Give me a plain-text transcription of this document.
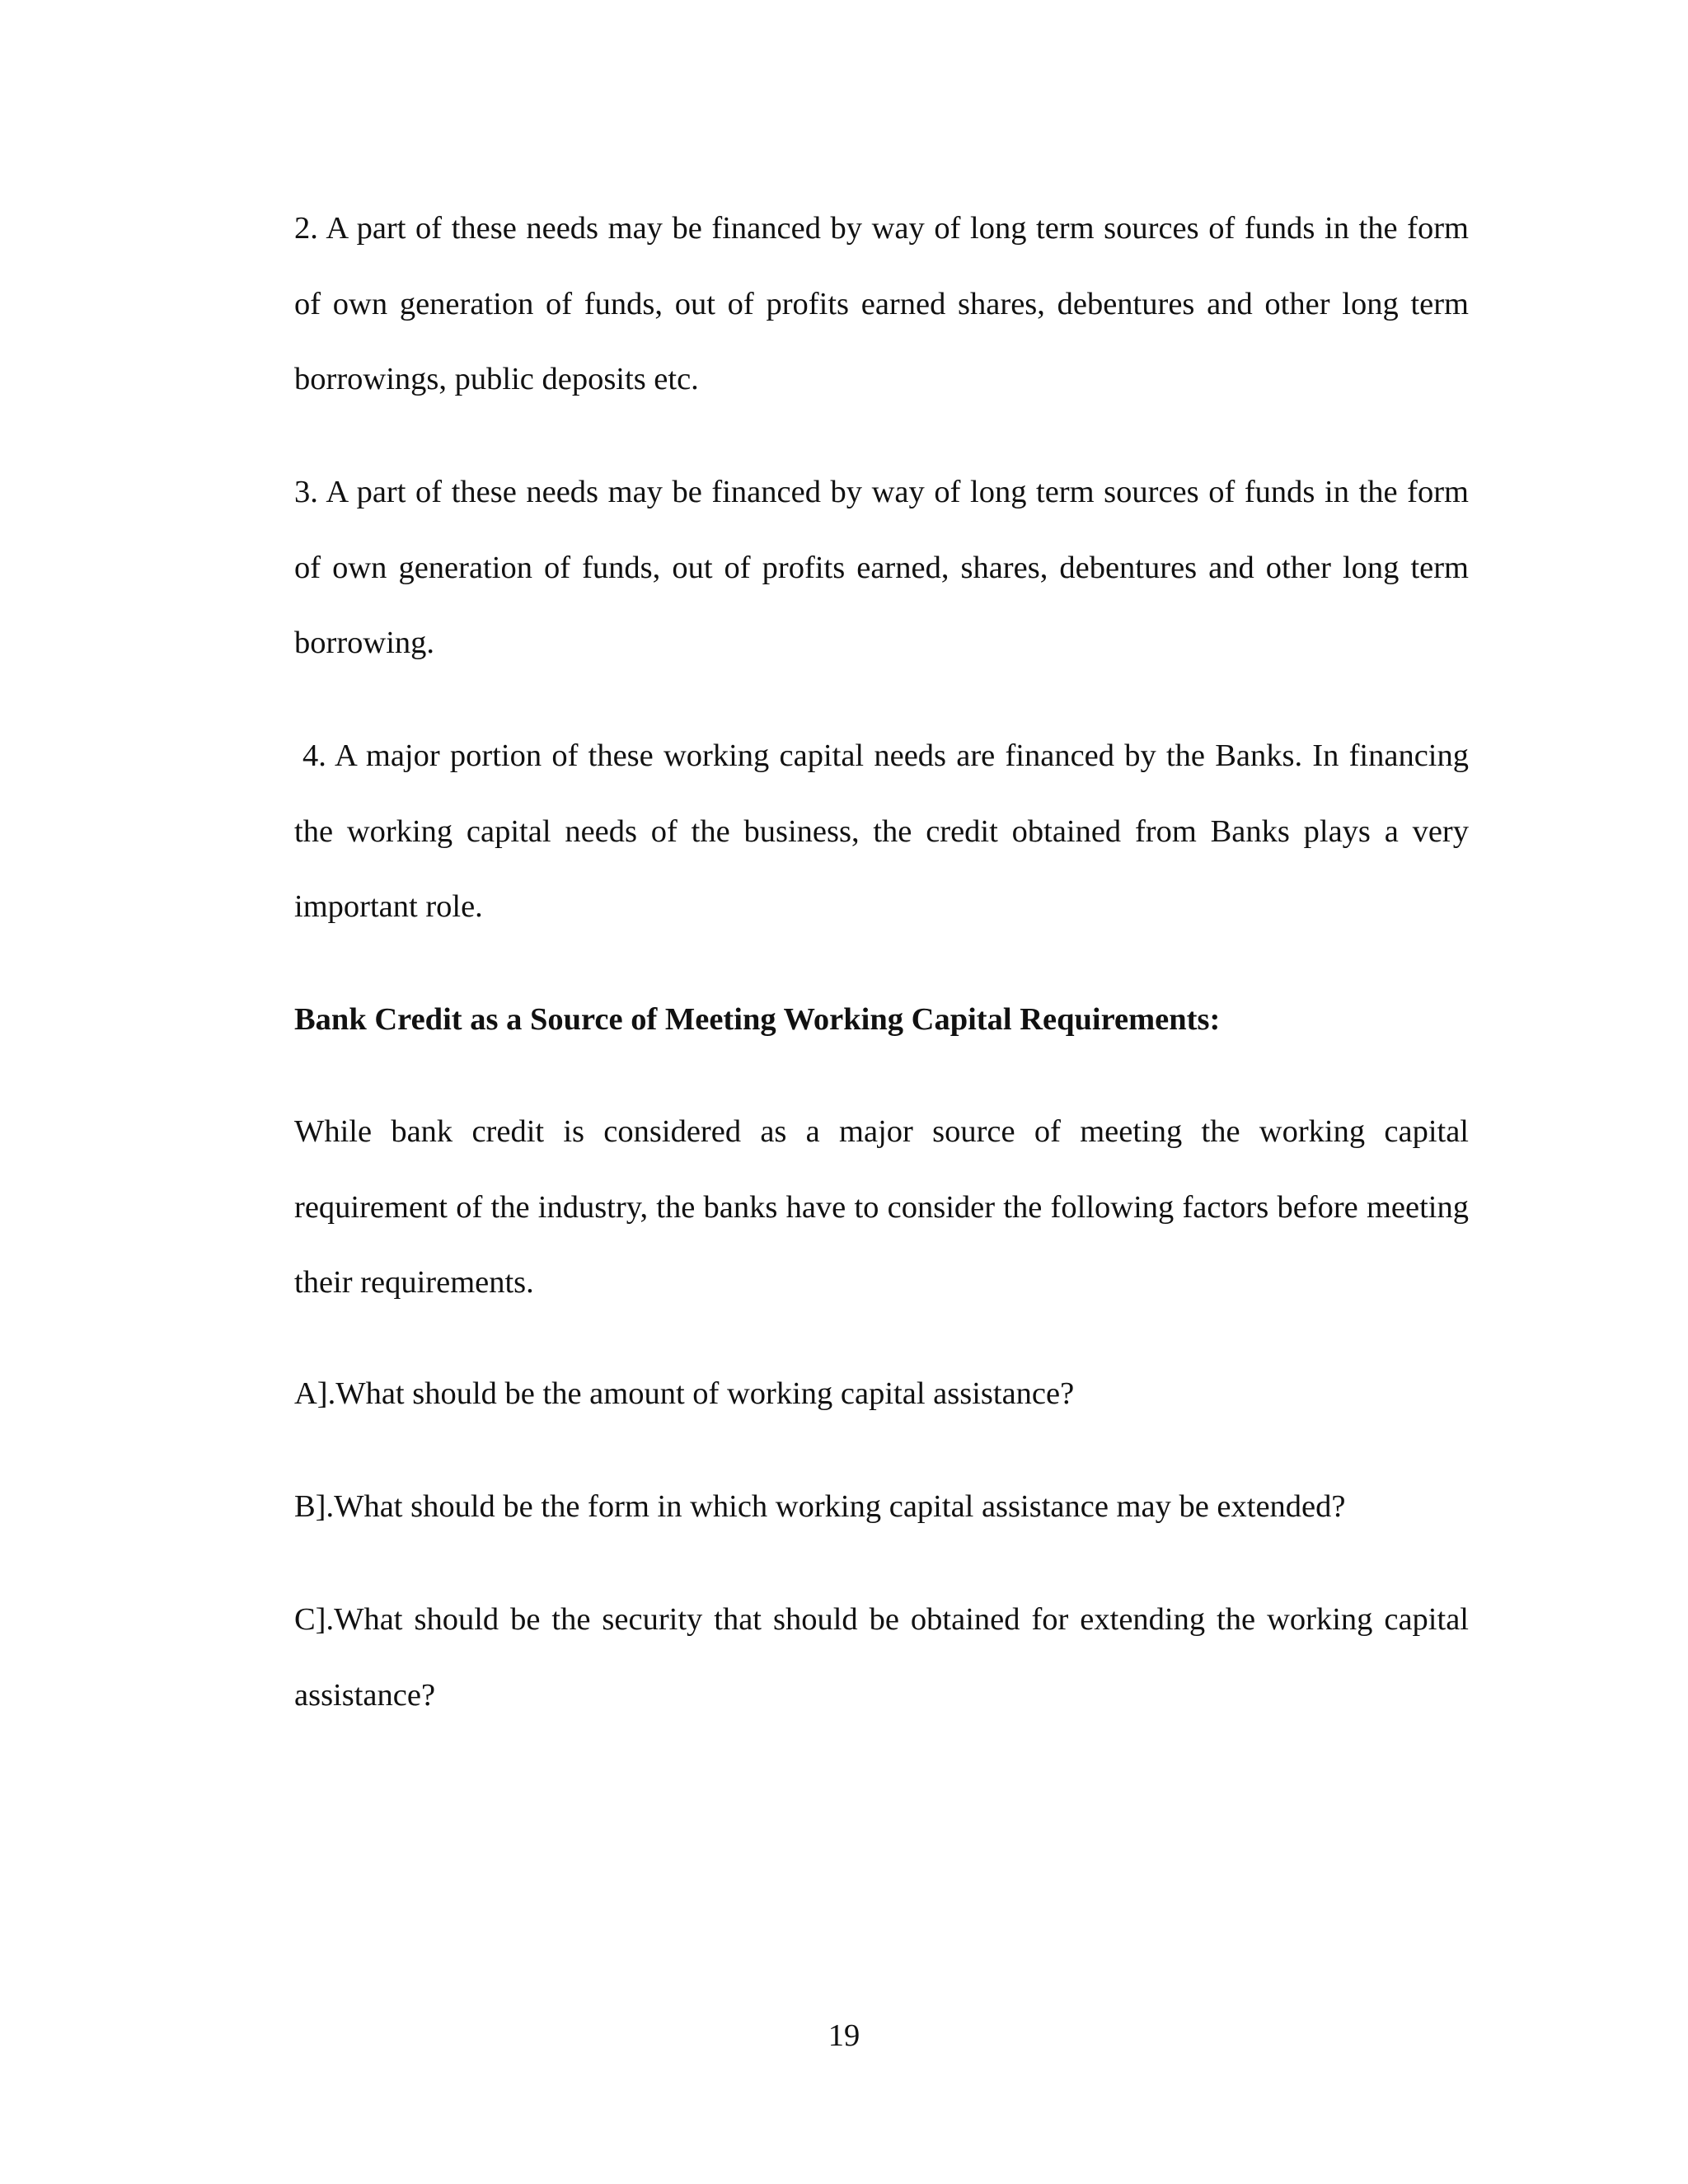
2. A part of these needs may be financed by way of long term sources of funds in the form of own generation of funds, out of profits earned shares, debentures and other long term borrowings, public deposits etc.

3. A part of these needs may be financed by way of long term sources of funds in the form of own generation of funds, out of profits earned, shares, debentures and other long term borrowing.

4. A major portion of these working capital needs are financed by the Banks. In financing the working capital needs of the business, the credit obtained from Banks plays a very important role.

Bank Credit as a Source of Meeting Working Capital Requirements:

While bank credit is considered as a major source of meeting the working capital requirement of the industry, the banks have to consider the following factors before meeting their requirements.

A].What should be the amount of working capital assistance?

B].What should be the form in which working capital assistance may be extended?

C].What should be the security that should be obtained for extending the working capital assistance?

19
